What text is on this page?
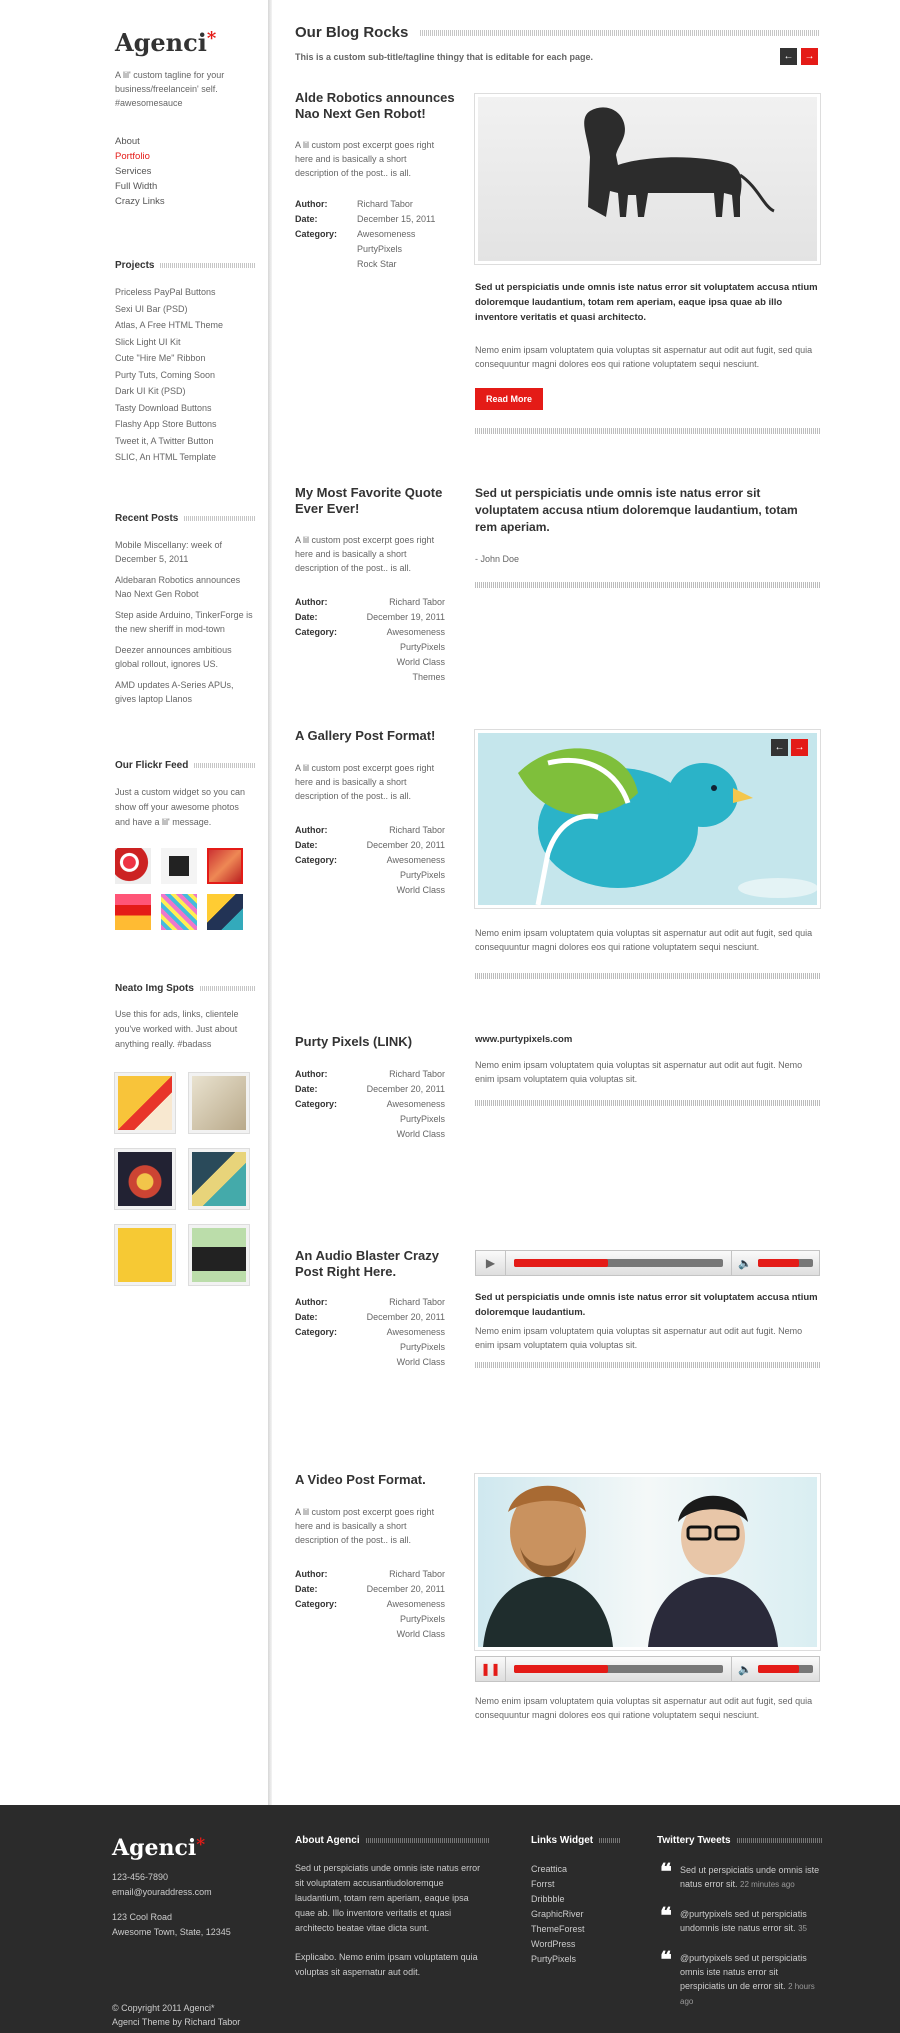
Agenci*
A lil' custom tagline for your business/freelancein' self. #awesomesauce
About
Portfolio
Services
Full Width
Crazy Links
Projects
Priceless PayPal Buttons
Sexi UI Bar (PSD)
Atlas, A Free HTML Theme
Slick Light UI Kit
Cute "Hire Me" Ribbon
Purty Tuts, Coming Soon
Dark UI Kit (PSD)
Tasty Download Buttons
Flashy App Store Buttons
Tweet it, A Twitter Button
SLIC, An HTML Template
Recent Posts
Mobile Miscellany: week of December 5, 2011
Aldebaran Robotics announces Nao Next Gen Robot
Step aside Arduino, TinkerForge is the new sheriff in mod-town
Deezer announces ambitious global rollout, ignores US.
AMD updates A-Series APUs, gives laptop Llanos
Our Flickr Feed
Just a custom widget so you can show off your awesome photos and have a lil' message.
Neato Img Spots
Use this for ads, links, clientele you've worked with. Just about anything really. #badass
Our Blog Rocks
This is a custom sub-title/tagline thingy that is editable for each page.	← →
Alde Robotics announces Nao Next Gen Robot!
A lil custom post excerpt goes right here and is basically a short description of the post.. is all.
Author:	Richard Tabor
Date:	December 15, 2011
Category:	Awesomeness
PurtyPixels
Rock Star
Sed ut perspiciatis unde omnis iste natus error sit voluptatem accusa ntium doloremque laudantium, totam rem aperiam, eaque ipsa quae ab illo inventore veritatis et quasi architecto.
Nemo enim ipsam voluptatem quia voluptas sit aspernatur aut odit aut fugit, sed quia consequuntur magni dolores eos qui ratione voluptatem sequi nesciunt.
Read More
My Most Favorite Quote Ever Ever!
A lil custom post excerpt goes right here and is basically a short description of the post.. is all.
Author:	Richard Tabor
Date:	December 19, 2011
Category:	Awesomeness
PurtyPixels
World Class
Themes
Sed ut perspiciatis unde omnis iste natus error sit voluptatem accusa ntium doloremque laudantium, totam rem aperiam.
- John Doe
A Gallery Post Format!
A lil custom post excerpt goes right here and is basically a short description of the post.. is all.
Author:	Richard Tabor
Date:	December 20, 2011
Category:	Awesomeness
PurtyPixels
World Class
← →
Nemo enim ipsam voluptatem quia voluptas sit aspernatur aut odit aut fugit, sed quia consequuntur magni dolores eos qui ratione voluptatem sequi nesciunt.
Purty Pixels (LINK)
Author:	Richard Tabor
Date:	December 20, 2011
Category:	Awesomeness
PurtyPixels
World Class
www.purtypixels.com
Nemo enim ipsam voluptatem quia voluptas sit aspernatur aut odit aut fugit. Nemo enim ipsam voluptatem quia voluptas sit.
An Audio Blaster Crazy Post Right Here.
Author:	Richard Tabor
Date:	December 20, 2011
Category:	Awesomeness
PurtyPixels
World Class
▶	🔈
Sed ut perspiciatis unde omnis iste natus error sit voluptatem accusa ntium doloremque laudantium.
Nemo enim ipsam voluptatem quia voluptas sit aspernatur aut odit aut fugit. Nemo enim ipsam voluptatem quia voluptas sit.
A Video Post Format.
A lil custom post excerpt goes right here and is basically a short description of the post.. is all.
Author:	Richard Tabor
Date:	December 20, 2011
Category:	Awesomeness
PurtyPixels
World Class
❚❚	🔈
Nemo enim ipsam voluptatem quia voluptas sit aspernatur aut odit aut fugit, sed quia consequuntur magni dolores eos qui ratione voluptatem sequi nesciunt.
Agenci*
123-456-7890
email@youraddress.com
123 Cool Road
Awesome Town, State, 12345
© Copyright 2011 Agenci*
Agenci Theme by Richard Tabor
About Agenci
Sed ut perspiciatis unde omnis iste natus error sit voluptatem accusantiudoloremque laudantium, totam rem aperiam, eaque ipsa quae ab. Illo inventore veritatis et quasi architecto beatae vitae dicta sunt.
Explicabo. Nemo enim ipsam voluptatem quia voluptas sit aspernatur aut odit.
Links Widget
Creattica
Forrst
Dribbble
GraphicRiver
ThemeForest
WordPress
PurtyPixels
Twittery Tweets
❝ Sed ut perspiciatis unde omnis iste natus error sit. 22 minutes ago
❝ @purtypixels sed ut perspiciatis undomnis iste natus error sit. 35
❝ @purtypixels sed ut perspiciatis omnis iste natus error sit perspiciatis un de error sit. 2 hours ago
